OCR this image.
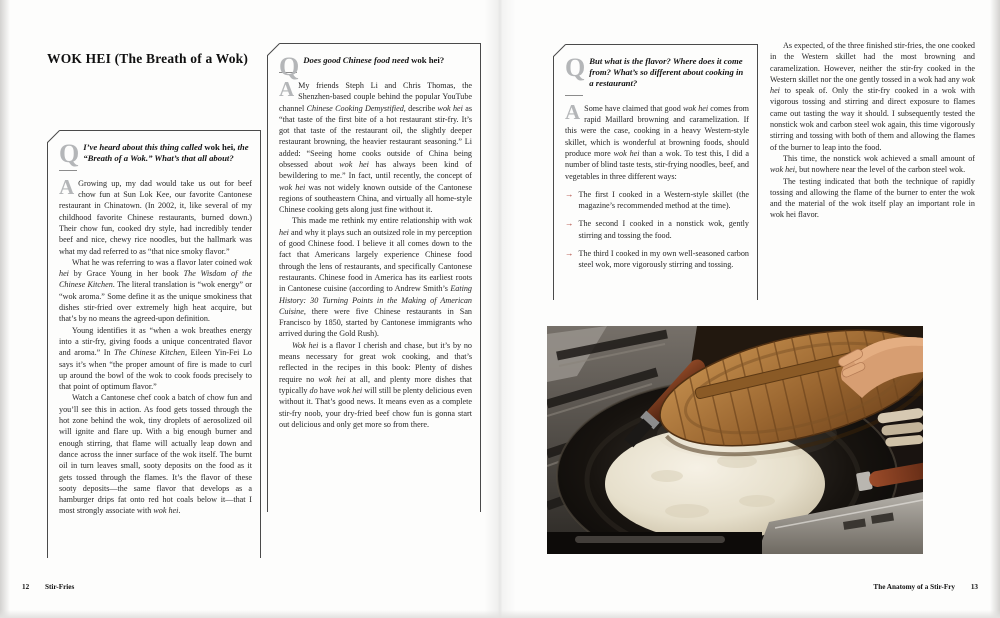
WOK HEI (The Breath of a Wok)
Q I’ve heard about this thing called wok hei, the “Breath of a Wok.” What’s that all about?

A Growing up, my dad would take us out for beef chow fun at Sun Lok Kee, our favorite Cantonese restaurant in Chinatown. (In 2002, it, like several of my childhood favorite Chinese restaurants, burned down.) Their chow fun, cooked dry style, had incredibly tender beef and nice, chewy rice noodles, but the hallmark was what my dad referred to as “that nice smoky flavor.”

What he was referring to was a flavor later coined wok hei by Grace Young in her book The Wisdom of the Chinese Kitchen. The literal translation is “wok energy” or “wok aroma.” Some define it as the unique smokiness that dishes stir-fried over extremely high heat acquire, but that’s by no means the agreed-upon definition.

Young identifies it as “when a wok breathes energy into a stir-fry, giving foods a unique concentrated flavor and aroma.” In The Chinese Kitchen, Eileen Yin-Fei Lo says it’s when “the proper amount of fire is made to curl up around the bowl of the wok to cook foods precisely to that point of optimum flavor.”

Watch a Cantonese chef cook a batch of chow fun and you’ll see this in action. As food gets tossed through the hot zone behind the wok, tiny droplets of aerosolized oil will ignite and flare up. With a big enough burner and enough stirring, that flame will actually leap down and dance across the inner surface of the wok itself. The burnt oil in turn leaves small, sooty deposits on the food as it gets tossed through the flames. It’s the flavor of these sooty deposits—the same flavor that develops as a hamburger drips fat onto red hot coals below it—that I most strongly associate with wok hei.

Q Does good Chinese food need wok hei?

A My friends Steph Li and Chris Thomas, the Shenzhen-based couple behind the popular YouTube channel Chinese Cooking Demystified, describe wok hei as “that taste of the first bite of a hot restaurant stir-fry. It’s got that taste of the restaurant oil, the slightly deeper restaurant browning, the heavier restaurant seasoning.” Li added: “Seeing home cooks outside of China being obsessed about wok hei has always been kind of bewildering to me.” In fact, until recently, the concept of wok hei was not widely known outside of the Cantonese regions of southeastern China, and virtually all home-style Chinese cooking gets along just fine without it.

This made me rethink my entire relationship with wok hei and why it plays such an outsized role in my perception of good Chinese food. I believe it all comes down to the fact that Americans largely experience Chinese food through the lens of restaurants, and specifically Cantonese restaurants. Chinese food in America has its earliest roots in Cantonese cuisine (according to Andrew Smith’s Eating History: 30 Turning Points in the Making of American Cuisine, there were five Chinese restaurants in San Francisco by 1850, started by Cantonese immigrants who arrived during the Gold Rush).

Wok hei is a flavor I cherish and chase, but it’s by no means necessary for great wok cooking, and that’s reflected in the recipes in this book: Plenty of dishes require no wok hei at all, and plenty more dishes that typically do have wok hei will still be plenty delicious even without it. That’s good news. It means even as a complete stir-fry noob, your dry-fried beef chow fun is gonna start out delicious and only get more so from there.

Q But what is the flavor? Where does it come from? What’s so different about cooking in a restaurant?

A Some have claimed that good wok hei comes from rapid Maillard browning and caramelization. If this were the case, cooking in a heavy Western-style skillet, which is wonderful at browning foods, should produce more wok hei than a wok. To test this, I did a number of blind taste tests, stir-frying noodles, beef, and vegetables in three different ways:

→ The first I cooked in a Western-style skillet (the magazine’s recommended method at the time).
→ The second I cooked in a nonstick wok, gently stirring and tossing the food.
→ The third I cooked in my own well-seasoned carbon steel wok, more vigorously stirring and tossing.

As expected, of the three finished stir-fries, the one cooked in the Western skillet had the most browning and caramelization. However, neither the stir-fry cooked in the Western skillet nor the one gently tossed in a wok had any wok hei to speak of. Only the stir-fry cooked in a wok with vigorous tossing and stirring and direct exposure to flames came out tasting the way it should. I subsequently tested the nonstick wok and carbon steel wok again, this time vigorously stirring and tossing with both of them and allowing the flames of the burner to leap into the food.

This time, the nonstick wok achieved a small amount of wok hei, but nowhere near the level of the carbon steel wok.

The testing indicated that both the technique of rapidly tossing and allowing the flame of the burner to enter the wok and the material of the wok itself play an important role in wok hei flavor.

12 Stir-Fries	The Anatomy of a Stir-Fry 13
